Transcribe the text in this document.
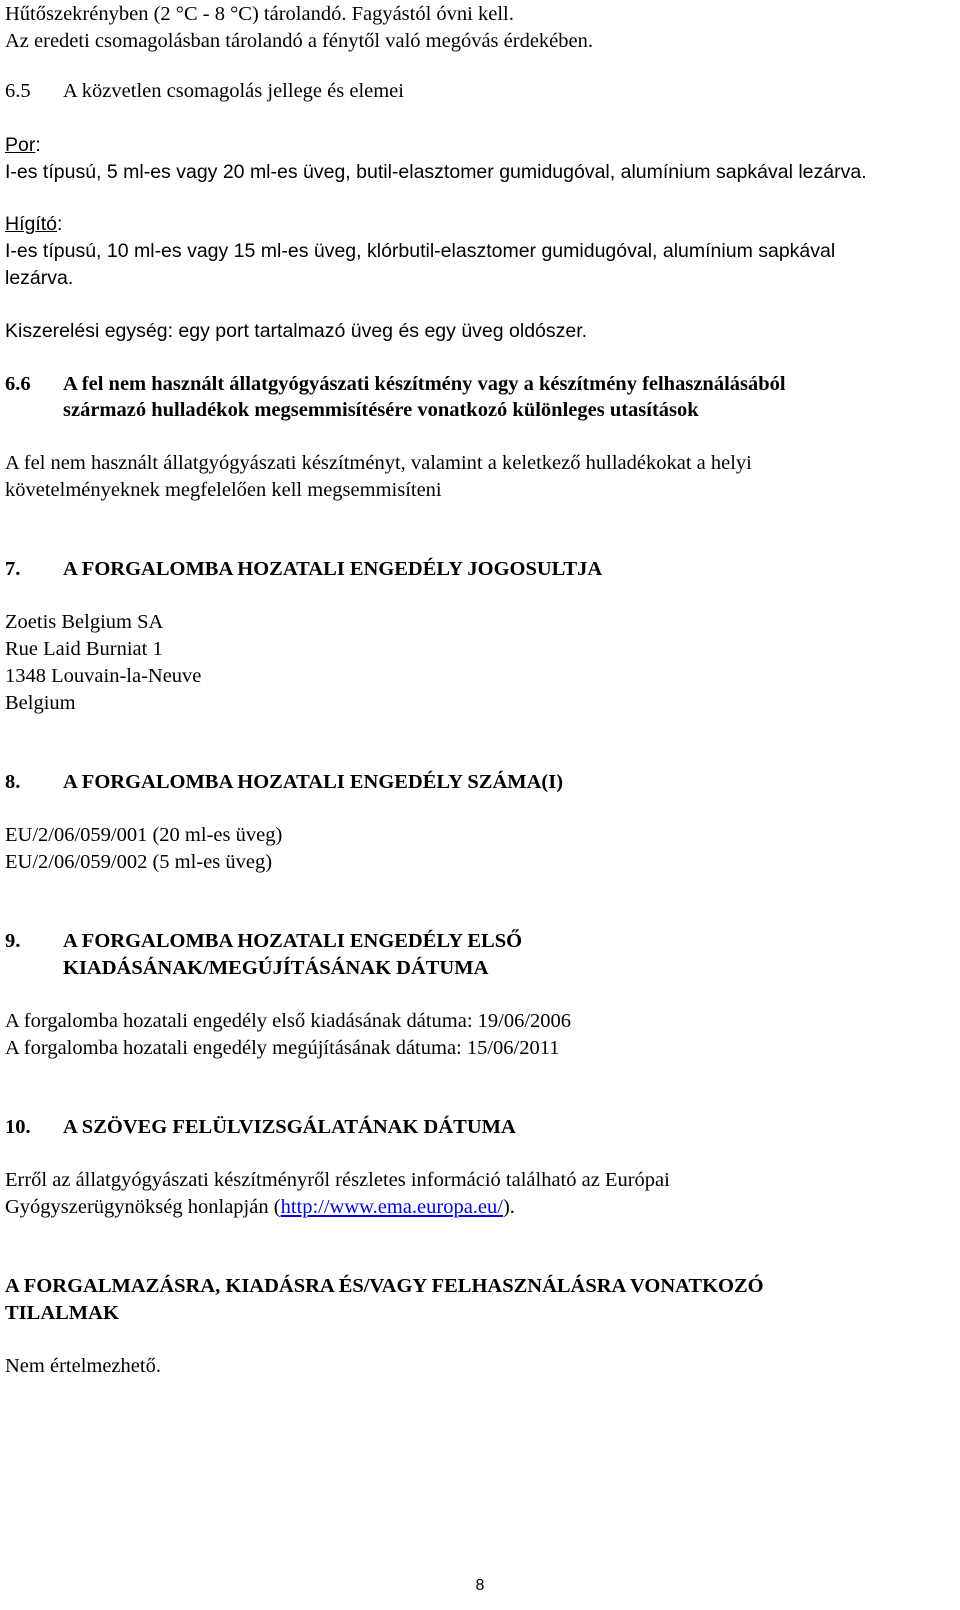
Hűtőszekrényben (2 °C - 8 °C) tárolandó. Fagyástól óvni kell.
Az eredeti csomagolásban tárolandó a fénytől való megóvás érdekében.
6.5 A közvetlen csomagolás jellege és elemei
Por:
I-es típusú, 5 ml-es vagy 20 ml-es üveg, butil-elasztomer gumidugóval, alumínium sapkával lezárva.
Hígító:
I-es típusú, 10 ml-es vagy 15 ml-es üveg, klórbutil-elasztomer gumidugóval, alumínium sapkával
lezárva.
Kiszerelési egység: egy port tartalmazó üveg és egy üveg oldószer.
6.6 A fel nem használt állatgyógyászati készítmény vagy a készítmény felhasználásából
származó hulladékok megsemmisítésére vonatkozó különleges utasítások
A fel nem használt állatgyógyászati készítményt, valamint a keletkező hulladékokat a helyi
követelményeknek megfelelően kell megsemmisíteni
7. A FORGALOMBA HOZATALI ENGEDÉLY JOGOSULTJA
Zoetis Belgium SA
Rue Laid Burniat 1
1348 Louvain-la-Neuve
Belgium
8. A FORGALOMBA HOZATALI ENGEDÉLY SZÁMA(I)
EU/2/06/059/001 (20 ml-es üveg)
EU/2/06/059/002 (5 ml-es üveg)
9. A FORGALOMBA HOZATALI ENGEDÉLY ELSŐ
KIADÁSÁNAK/MEGÚJÍTÁSÁNAK DÁTUMA
A forgalomba hozatali engedély első kiadásának dátuma: 19/06/2006
A forgalomba hozatali engedély megújításának dátuma: 15/06/2011
10. A SZÖVEG FELÜLVIZSGÁLATÁNAK DÁTUMA
Erről az állatgyógyászati készítményről részletes információ található az Európai
Gyógyszerügynökség honlapján (http://www.ema.europa.eu/).
A FORGALMAZÁSRA, KIADÁSRA ÉS/VAGY FELHASZNÁLÁSRA VONATKOZÓ
TILALMAK
Nem értelmezhető.
8
